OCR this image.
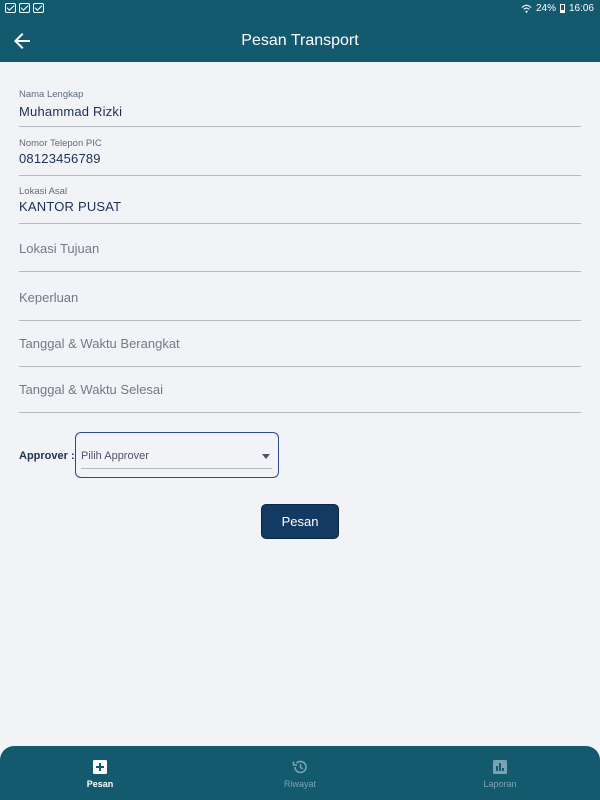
24% 16:06
Pesan Transport
Nama Lengkap
Muhammad Rizki
Nomor Telepon PIC
08123456789
Lokasi Asal
KANTOR PUSAT
Lokasi Tujuan
Keperluan
Tanggal & Waktu Berangkat
Tanggal & Waktu Selesai
Approver : Pilih Approver
Pesan
Pesan	Riwayat	Laporan
